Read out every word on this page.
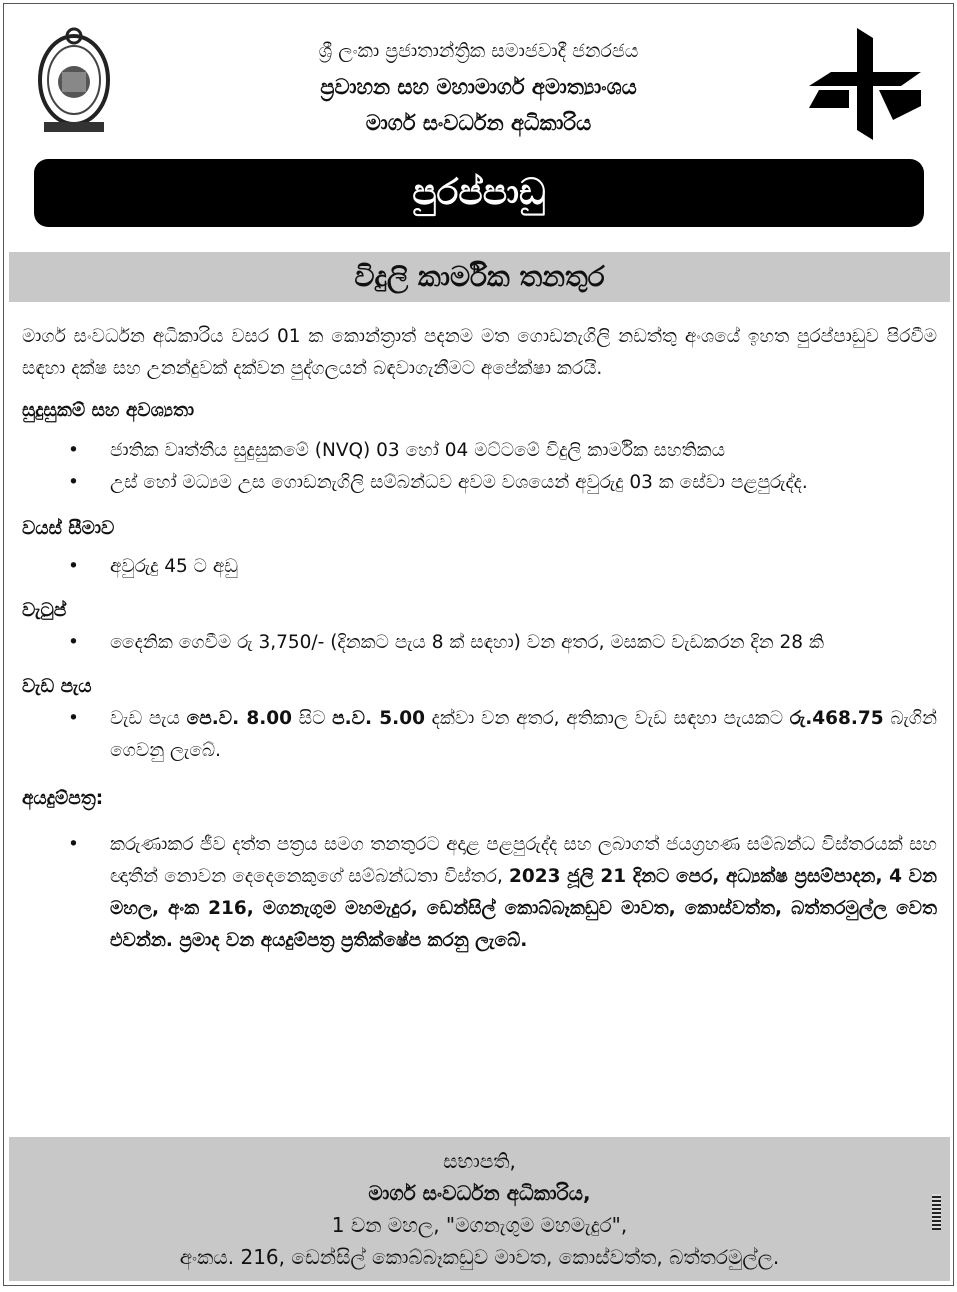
ශ්‍රී ලංකා ප්‍රජාතාන්ත්‍රික සමාජවාදී ජනරජය
ප්‍රවාහන සහ මහාමාර්ග අමාත්‍යාංශය
මාර්ග සංවර්ධන අධිකාරිය
පුරප්පාඩු
විදුලි කාර්මික තනතුර

මාර්ග සංවර්ධන අධිකාරිය වසර 01 ක කොන්ත්‍රාත් පදනම මත ගොඩනැගිලි නඩත්තු අංශයේ ඉහත පුරප්පාඩුව පිරවීම සඳහා දක්ෂ සහ උනන්දුවක් දක්වන පුද්ගලයන් බඳවාගැනීමට අපේක්ෂා කරයි.

සුදුසුකම් සහ අවශ්‍යතා

• ජාතික වෘත්තීය සුදුසුකමේ (NVQ) 03 හෝ 04 මට්ටමේ විදුලි කාර්මික සහතිකය
• උස් හෝ මධ්‍යම උස ගොඩනැගිලි සම්බන්ධව අවම වශයෙන් අවුරුදු 03 ක සේවා පළපුරුද්ද.

වයස් සීමාව

• අවුරුදු 45 ට අඩු

වැටුප්

• දෛනික ගෙවීම රු 3,750/- (දිනකට පැය 8 ක් සඳහා) වන අතර, මසකට වැඩකරන දින 28 කි

වැඩ පැය

• වැඩ පැය පෙ.ව. 8.00 සිට ප.ව. 5.00 දක්වා වන අතර, අතිකාල වැඩ සඳහා පැයකට රු.468.75 බැගින් ගෙවනු ලැබේ.

අයදුම්පත්‍ර:

• කරුණාකර ජීව දත්ත පත්‍රය සමග තනතුරට අදාළ පළපුරුද්ද සහ ලබාගත් ජයග්‍රහණ සම්බන්ධ විස්තරයක් සහ ඥාතීන් නොවන දෙදෙනෙකුගේ සම්බන්ධතා විස්තර, 2023 ජූලි 21 දිනට පෙර, අධ්‍යක්ෂ ප්‍රසම්පාදන, 4 වන මහල, අංක 216, මගනැගුම මහමැදුර, ඩෙන්සිල් කොබ්බෑකඩුව මාවත, කොස්වත්ත, බත්තරමුල්ල වෙත එවන්න. ප්‍රමාද වන අයදුම්පත්‍ර ප්‍රතික්ෂේප කරනු ලැබේ.
සභාපති,
මාර්ග සංවර්ධන අධිකාරිය,
1 වන මහල, "මගනැගුම මහමැදුර",
අංකය. 216, ඩෙන්සිල් කොබ්බෑකඩුව මාවත, කොස්වත්ත, බත්තරමුල්ල.
